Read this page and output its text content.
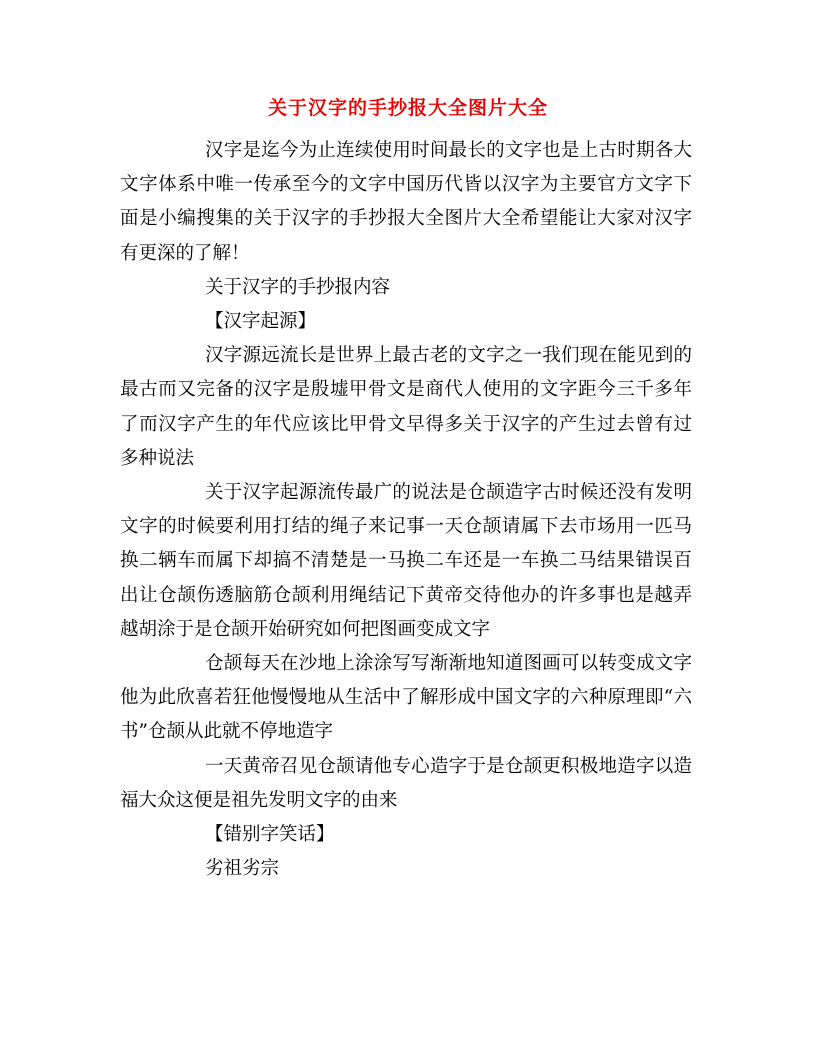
关于汉字的手抄报大全图片大全

汉字是迄今为止连续使用时间最长的文字也是上古时期各大文字体系中唯一传承至今的文字中国历代皆以汉字为主要官方文字下面是小编搜集的关于汉字的手抄报大全图片大全希望能让大家对汉字有更深的了解！

关于汉字的手抄报内容

【汉字起源】

汉字源远流长是世界上最古老的文字之一我们现在能见到的最古而又完备的汉字是殷墟甲骨文是商代人使用的文字距今三千多年了而汉字产生的年代应该比甲骨文早得多关于汉字的产生过去曾有过多种说法

关于汉字起源流传最广的说法是仓颉造字古时候还没有发明文字的时候要利用打结的绳子来记事一天仓颉请属下去市场用一匹马换二辆车而属下却搞不清楚是一马换二车还是一车换二马结果错误百出让仓颉伤透脑筋仓颉利用绳结记下黄帝交待他办的许多事也是越弄越胡涂于是仓颉开始研究如何把图画变成文字

仓颉每天在沙地上涂涂写写渐渐地知道图画可以转变成文字他为此欣喜若狂他慢慢地从生活中了解形成中国文字的六种原理即“六书”仓颉从此就不停地造字

一天黄帝召见仓颉请他专心造字于是仓颉更积极地造字以造福大众这便是祖先发明文字的由来

【错别字笑话】

劣祖劣宗
